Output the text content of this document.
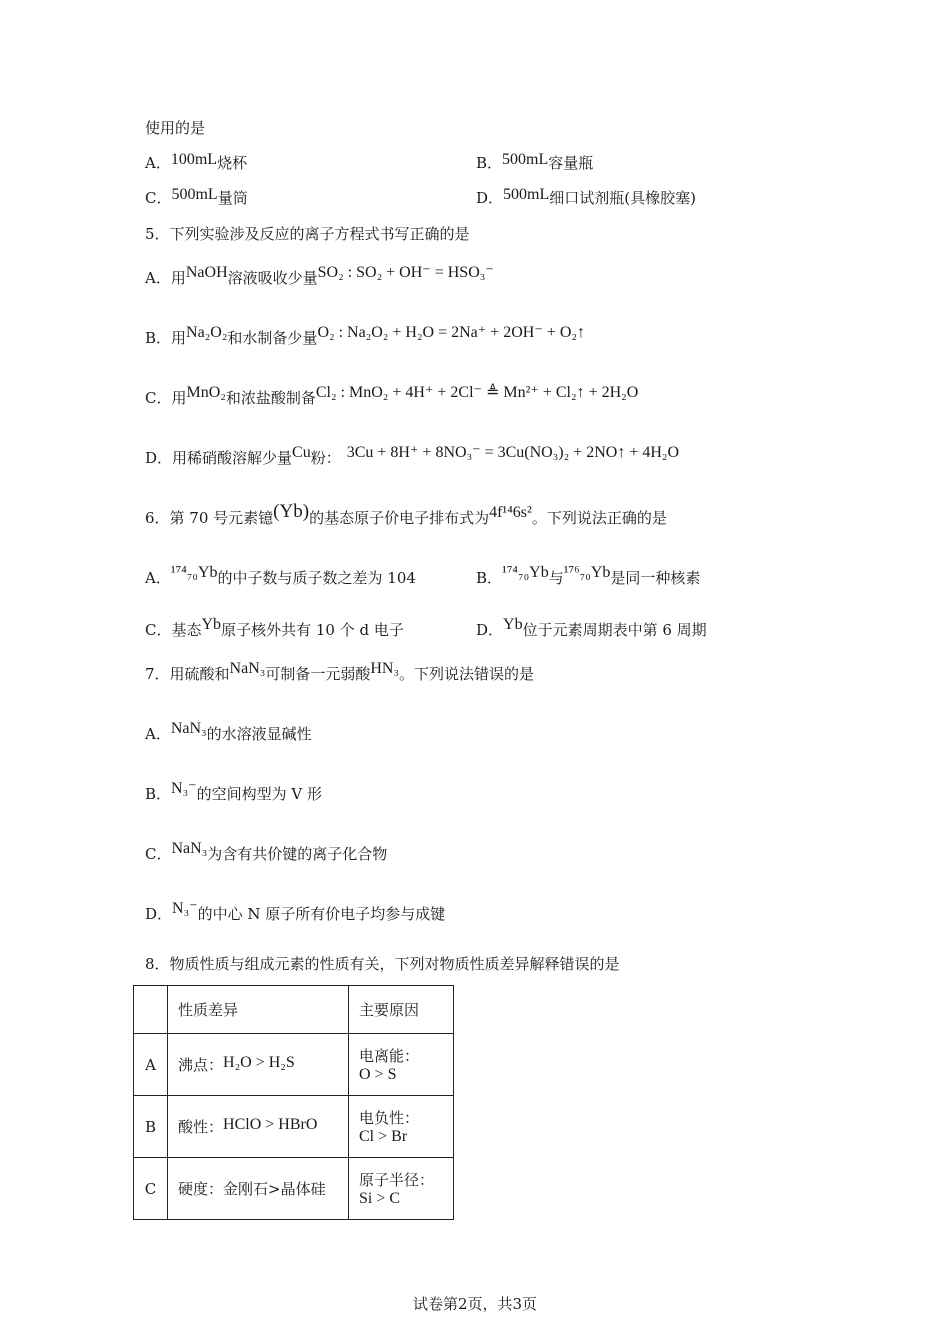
使用的是
A．100mL烧杯	B．500mL容量瓶
C．500mL量筒	D．500mL细口试剂瓶(具橡胶塞)
5．下列实验涉及反应的离子方程式书写正确的是
A．用NaOH溶液吸收少量SO₂ : SO₂ + OH⁻ = HSO₃⁻
B．用Na₂O₂和水制备少量O₂ : Na₂O₂ + H₂O = 2Na⁺ + 2OH⁻ + O₂↑
C．用MnO₂和浓盐酸制备Cl₂ : MnO₂ + 4H⁺ + 2Cl⁻ ≜ Mn²⁺ + Cl₂↑ + 2H₂O
D．用稀硝酸溶解少量Cu粉： 3Cu + 8H⁺ + 8NO₃⁻ = 3Cu(NO₃)₂ + 2NO↑ + 4H₂O
6．第 70 号元素镱(Yb)的基态原子价电子排布式为4f¹⁴6s²。下列说法正确的是
A．¹⁷⁴₇₀Yb的中子数与质子数之差为 104	B．¹⁷⁴₇₀Yb与¹⁷⁶₇₀Yb是同一种核素
C．基态Yb原子核外共有 10 个 d 电子	D．Yb位于元素周期表中第 6 周期
7．用硫酸和NaN₃可制备一元弱酸HN₃。下列说法错误的是
A．NaN₃的水溶液显碱性
B．N₃⁻的空间构型为 V 形
C．NaN₃为含有共价键的离子化合物
D．N₃⁻的中心 N 原子所有价电子均参与成键
8．物质性质与组成元素的性质有关，下列对物质性质差异解释错误的是

	性质差异	主要原因

A	沸点：H₂O > H₂S	电离能：
O > S

B	酸性：HClO > HBrO	电负性：
Cl > Br

C	硬度：金刚石>晶体硅	原子半径：
Si > C
试卷第2页，共3页
